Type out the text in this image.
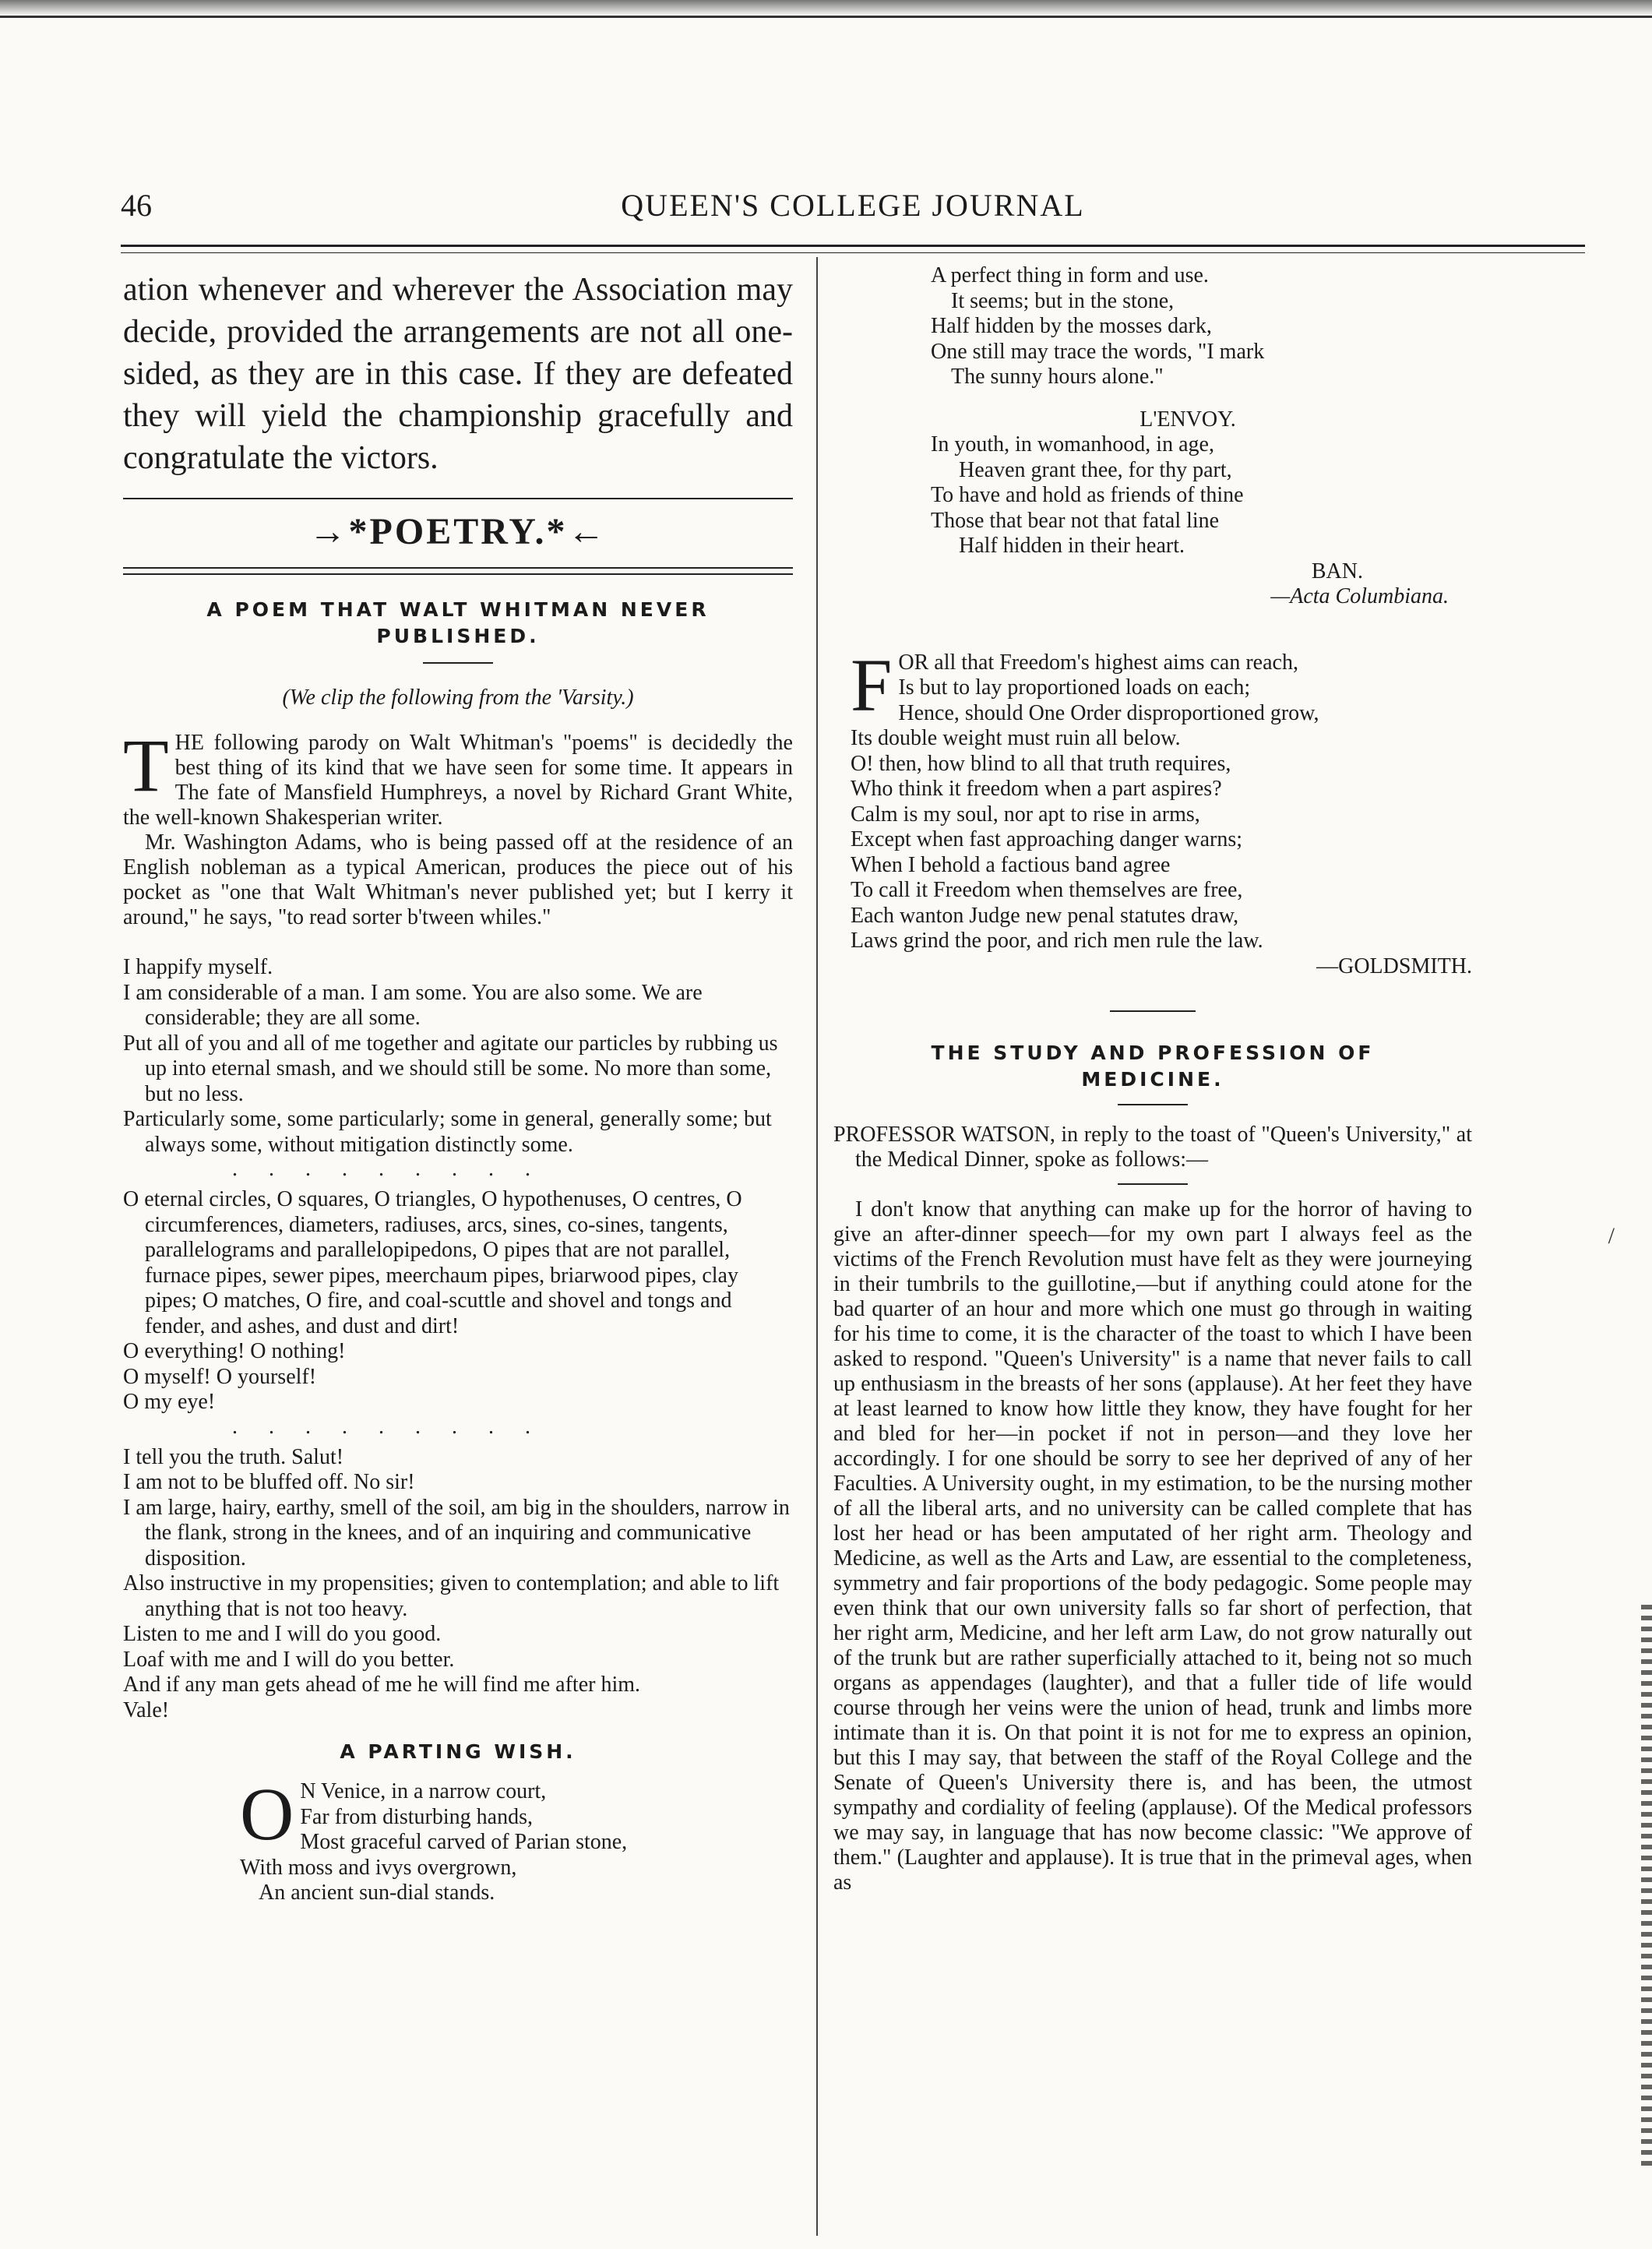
46	QUEEN'S COLLEGE JOURNAL

ation whenever and wherever the Association may decide, provided the arrangements are not all one-sided, as they are in this case. If they are defeated they will yield the championship gracefully and congratulate the victors.

→*POETRY.*←
A POEM THAT WALT WHITMAN NEVER PUBLISHED.

(We clip the following from the 'Varsity.)

T HE following parody on Walt Whitman's "poems" is decidedly the best thing of its kind that we have seen for some time. It appears in The fate of Mansfield Humphreys, a novel by Richard Grant White, the well-known Shakesperian writer.

Mr. Washington Adams, who is being passed off at the residence of an English nobleman as a typical American, produces the piece out of his pocket as "one that Walt Whitman's never published yet; but I kerry it around," he says, "to read sorter b'tween whiles."

I happify myself.

I am considerable of a man. I am some. You are also some. We are considerable; they are all some.

Put all of you and all of me together and agitate our particles by rubbing us up into eternal smash, and we should still be some. No more than some, but no less.

Particularly some, some particularly; some in general, generally some; but always some, without mitigation distinctly some.

.........

O eternal circles, O squares, O triangles, O hypothenuses, O centres, O circumferences, diameters, radiuses, arcs, sines, co-sines, tangents, parallelograms and parallelopipedons, O pipes that are not parallel, furnace pipes, sewer pipes, meerchaum pipes, briarwood pipes, clay pipes; O matches, O fire, and coal-scuttle and shovel and tongs and fender, and ashes, and dust and dirt!

O everything! O nothing!

O myself! O yourself!

O my eye!

.........

I tell you the truth. Salut!

I am not to be bluffed off. No sir!

I am large, hairy, earthy, smell of the soil, am big in the shoulders, narrow in the flank, strong in the knees, and of an inquiring and communicative disposition.

Also instructive in my propensities; given to contemplation; and able to lift anything that is not too heavy.

Listen to me and I will do you good.

Loaf with me and I will do you better.

And if any man gets ahead of me he will find me after him.

Vale!

A PARTING WISH.
O N Venice, in a narrow court,

Far from disturbing hands,

Most graceful carved of Parian stone,

With moss and ivys overgrown,

An ancient sun-dial stands.

A perfect thing in form and use.

It seems; but in the stone,

Half hidden by the mosses dark,

One still may trace the words, "I mark

The sunny hours alone."

L'ENVOY.

In youth, in womanhood, in age,

Heaven grant thee, for thy part,

To have and hold as friends of thine

Those that bear not that fatal line

Half hidden in their heart.

BAN.

—Acta Columbiana.

F OR all that Freedom's highest aims can reach,

Is but to lay proportioned loads on each;

Hence, should One Order disproportioned grow,

Its double weight must ruin all below.

O! then, how blind to all that truth requires,

Who think it freedom when a part aspires?

Calm is my soul, nor apt to rise in arms,

Except when fast approaching danger warns;

When I behold a factious band agree

To call it Freedom when themselves are free,

Each wanton Judge new penal statutes draw,

Laws grind the poor, and rich men rule the law.

—GOLDSMITH.

THE STUDY AND PROFESSION OF MEDICINE.

PROFESSOR WATSON, in reply to the toast of "Queen's University," at the Medical Dinner, spoke as follows:—

I don't know that anything can make up for the horror of having to give an after-dinner speech—for my own part I always feel as the victims of the French Revolution must have felt as they were journeying in their tumbrils to the guillotine,—but if anything could atone for the bad quarter of an hour and more which one must go through in waiting for his time to come, it is the character of the toast to which I have been asked to respond. "Queen's University" is a name that never fails to call up enthusiasm in the breasts of her sons (applause). At her feet they have at least learned to know how little they know, they have fought for her and bled for her—in pocket if not in person—and they love her accordingly. I for one should be sorry to see her deprived of any of her Faculties. A University ought, in my estimation, to be the nursing mother of all the liberal arts, and no university can be called complete that has lost her head or has been amputated of her right arm. Theology and Medicine, as well as the Arts and Law, are essential to the completeness, symmetry and fair proportions of the body pedagogic. Some people may even think that our own university falls so far short of perfection, that her right arm, Medicine, and her left arm Law, do not grow naturally out of the trunk but are rather superficially attached to it, being not so much organs as appendages (laughter), and that a fuller tide of life would course through her veins were the union of head, trunk and limbs more intimate than it is. On that point it is not for me to express an opinion, but this I may say, that between the staff of the Royal College and the Senate of Queen's University there is, and has been, the utmost sympathy and cordiality of feeling (applause). Of the Medical professors we may say, in language that has now become classic: "We approve of them." (Laughter and applause). It is true that in the primeval ages, when as

/
